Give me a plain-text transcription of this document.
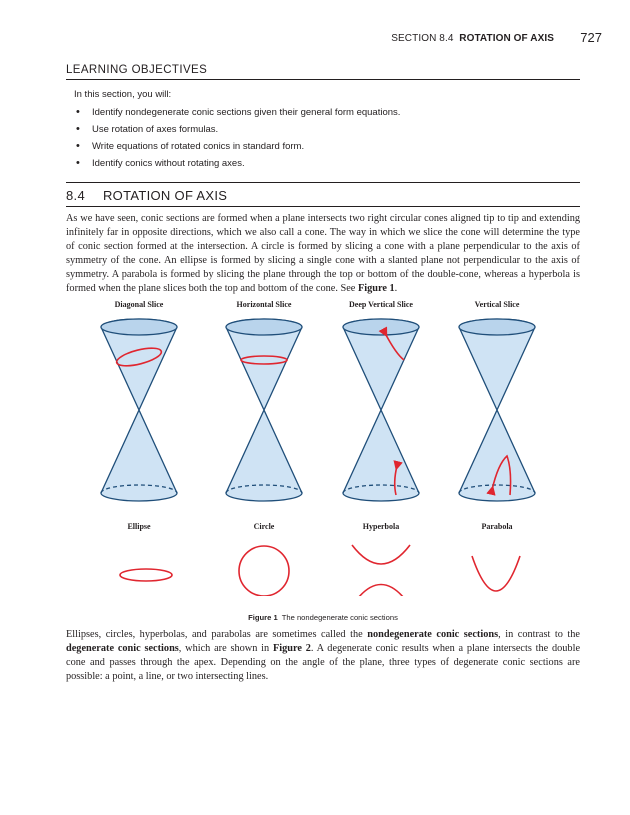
SECTION 8.4 ROTATION OF AXIS 727
LEARNING OBJECTIVES
In this section, you will:
• Identify nondegenerate conic sections given their general form equations.
• Use rotation of axes formulas.
• Write equations of rotated conics in standard form.
• Identify conics without rotating axes.
8.4 ROTATION OF AXIS
As we have seen, conic sections are formed when a plane intersects two right circular cones aligned tip to tip and extending infinitely far in opposite directions, which we also call a cone. The way in which we slice the cone will determine the type of conic section formed at the intersection. A circle is formed by slicing a cone with a plane perpendicular to the axis of symmetry of the cone. An ellipse is formed by slicing a single cone with a slanted plane not perpendicular to the axis of symmetry. A parabola is formed by slicing the plane through the top or bottom of the double-cone, whereas a hyperbola is formed when the plane slices both the top and bottom of the cone. See Figure 1.
Diagonal Slice	Horizontal Slice	Deep Vertical Slice	Vertical Slice
Ellipse	Circle	Hyperbola	Parabola
Figure 1 The nondegenerate conic sections
Ellipses, circles, hyperbolas, and parabolas are sometimes called the nondegenerate conic sections, in contrast to the degenerate conic sections, which are shown in Figure 2. A degenerate conic results when a plane intersects the double cone and passes through the apex. Depending on the angle of the plane, three types of degenerate conic sections are possible: a point, a line, or two intersecting lines.
